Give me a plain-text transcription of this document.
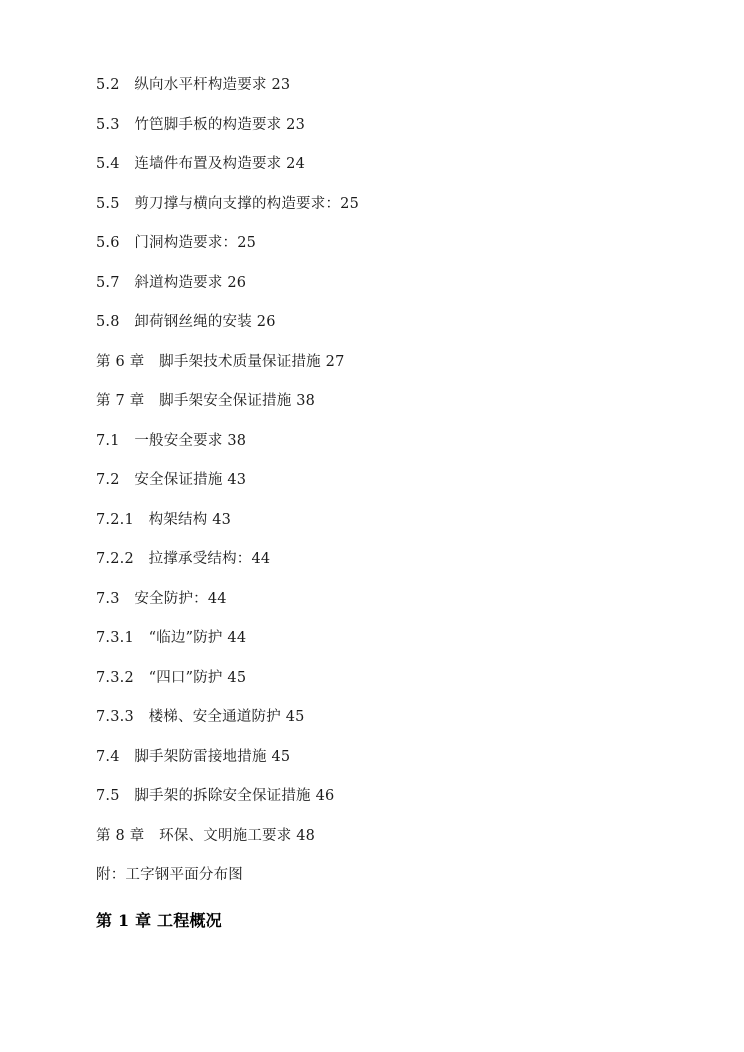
5.2　纵向水平杆构造要求 23

5.3　竹笆脚手板的构造要求 23

5.4　连墙件布置及构造要求 24

5.5　剪刀撑与横向支撑的构造要求：25

5.6　门洞构造要求：25

5.7　斜道构造要求 26

5.8　卸荷钢丝绳的安装 26

第 6 章　脚手架技术质量保证措施 27

第 7 章　脚手架安全保证措施 38

7.1　一般安全要求 38

7.2　安全保证措施 43

7.2.1　构架结构 43

7.2.2　拉撑承受结构：44

7.3　安全防护：44

7.3.1　“临边”防护 44

7.3.2　“四口”防护 45

7.3.3　楼梯、安全通道防护 45

7.4　脚手架防雷接地措施 45

7.5　脚手架的拆除安全保证措施 46

第 8 章　环保、文明施工要求 48

附：工字钢平面分布图

第 1 章 工程概况
